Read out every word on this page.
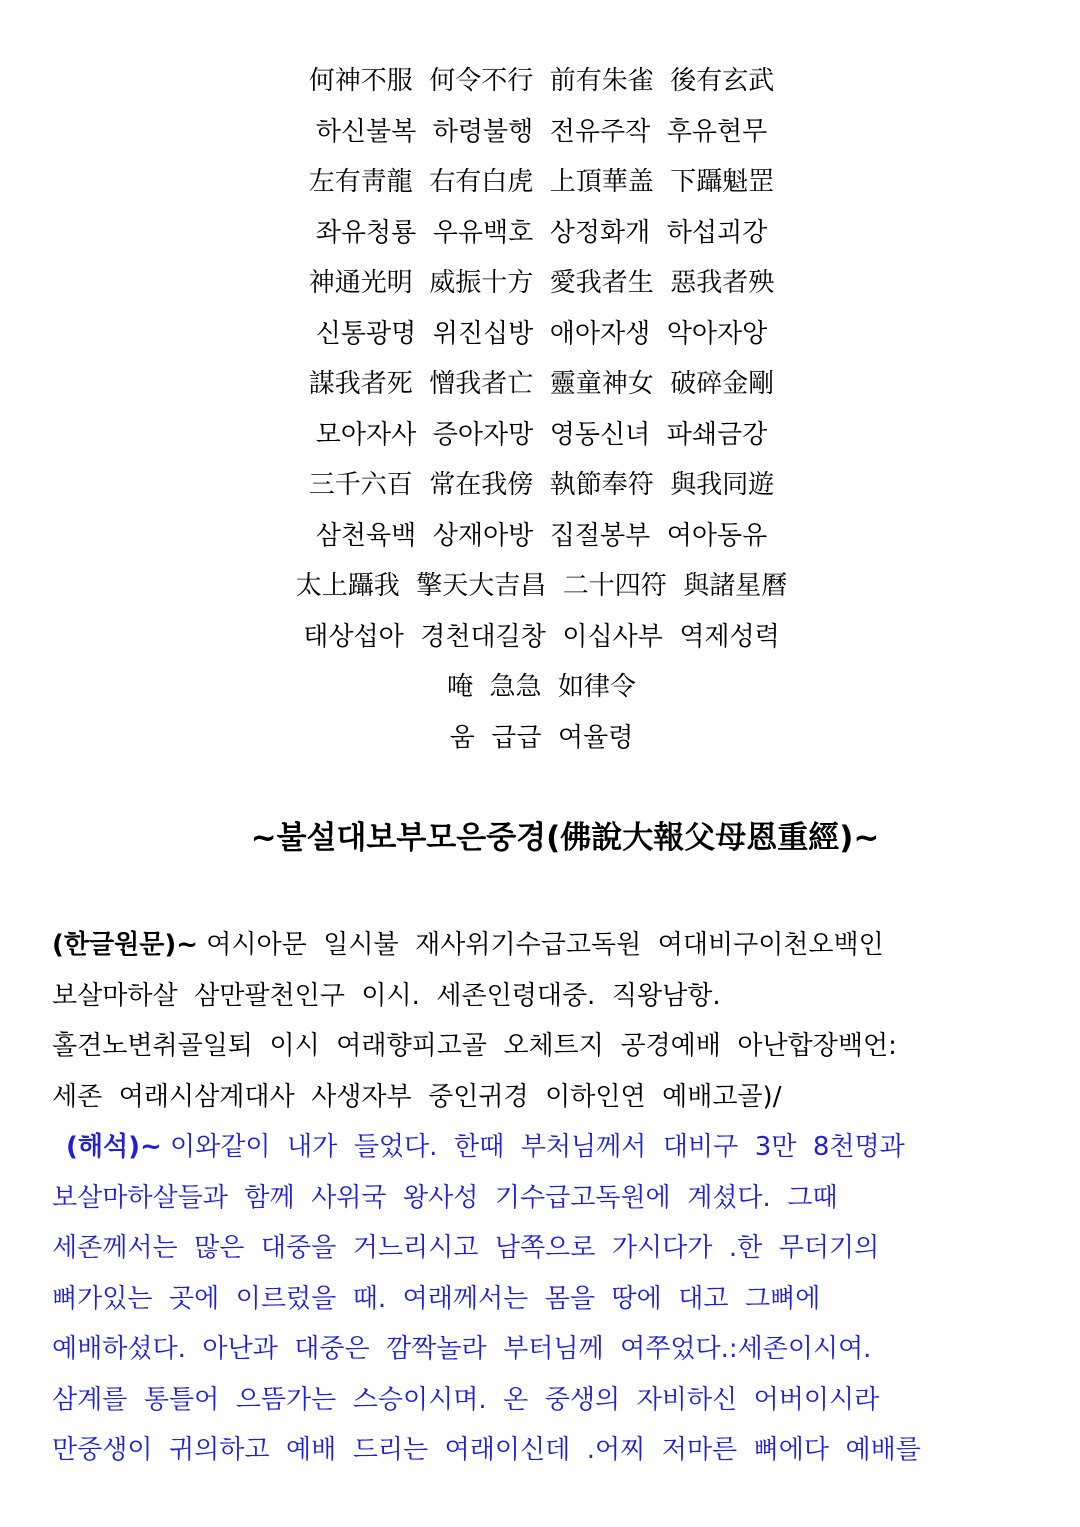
何神不服  何令不行  前有朱雀  後有玄武
하신불복  하령불행  전유주작  후유현무
左有靑龍  右有白虎  上頂華盖  下躡魁罡
좌유청룡  우유백호  상정화개  하섭괴강
神通光明  威振十方  愛我者生  惡我者殃
신통광명  위진십방  애아자생  악아자앙
謀我者死  憎我者亡  靈童神女  破碎金剛
모아자사  증아자망  영동신녀  파쇄금강
三千六百  常在我傍  執節奉符  與我同遊
삼천육백  상재아방  집절봉부  여아동유
太上躡我  擎天大吉昌  二十四符  與諸星曆
태상섭아  경천대길창  이십사부  역제성력
唵  急急  如律令
움  급급  여율령
~불설대보부모은중경(佛說大報父母恩重經)~
(한글원문)~ 여시아문  일시불  재사위기수급고독원  여대비구이천오백인
보살마하살  삼만팔천인구  이시.  세존인령대중.  직왕남항.
홀견노변취골일퇴  이시  여래향피고골  오체트지  공경예배  아난합장백언:
세존  여래시삼계대사  사생자부  중인귀경  이하인연  예배고골)/
(해석)~ 이와같이  내가  들었다.  한때  부처님께서  대비구  3만  8천명과
보살마하살들과  함께  사위국  왕사성  기수급고독원에  계셨다.  그때
세존께서는  많은  대중을  거느리시고  남쪽으로  가시다가  .한  무더기의
뼈가있는  곳에  이르렀을  때.  여래께서는  몸을  땅에  대고  그뼈에
예배하셨다.  아난과  대중은  깜짝놀라  부터님께  여쭈었다.:세존이시여.
삼계를  통틀어  으뜸가는  스승이시며.  온  중생의  자비하신  어버이시라
만중생이  귀의하고  예배  드리는  여래이신데  .어찌  저마른  뼈에다  예배를
